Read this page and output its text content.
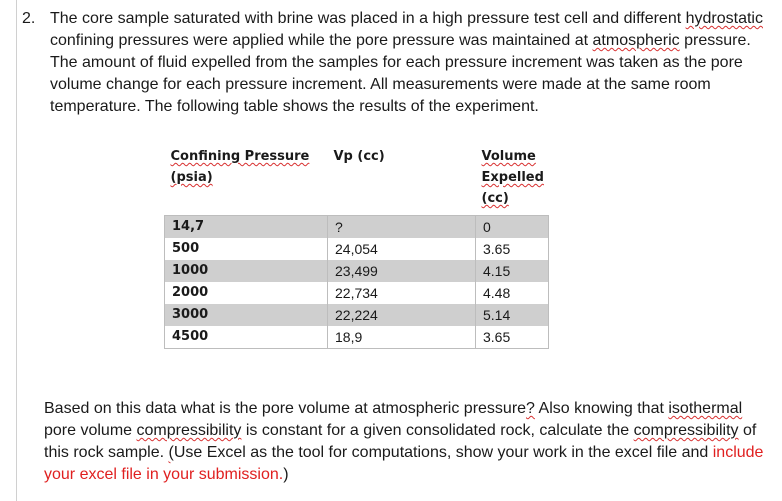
2. The core sample saturated with brine was placed in a high pressure test cell and different hydrostatic confining pressures were applied while the pore pressure was maintained at atmospheric pressure. The amount of fluid expelled from the samples for each pressure increment was taken as the pore volume change for each pressure increment. All measurements were made at the same room temperature. The following table shows the results of the experiment.
Confining Pressure (psia)	Vp (cc)	Volume Expelled (cc)
14,7	?	0
500	24,054	3.65
1000	23,499	4.15
2000	22,734	4.48
3000	22,224	5.14
4500	18,9	3.65
Based on this data what is the pore volume at atmospheric pressure? Also knowing that isothermal pore volume compressibility is constant for a given consolidated rock, calculate the compressibility of this rock sample. (Use Excel as the tool for computations, show your work in the excel file and include your excel file in your submission.)
